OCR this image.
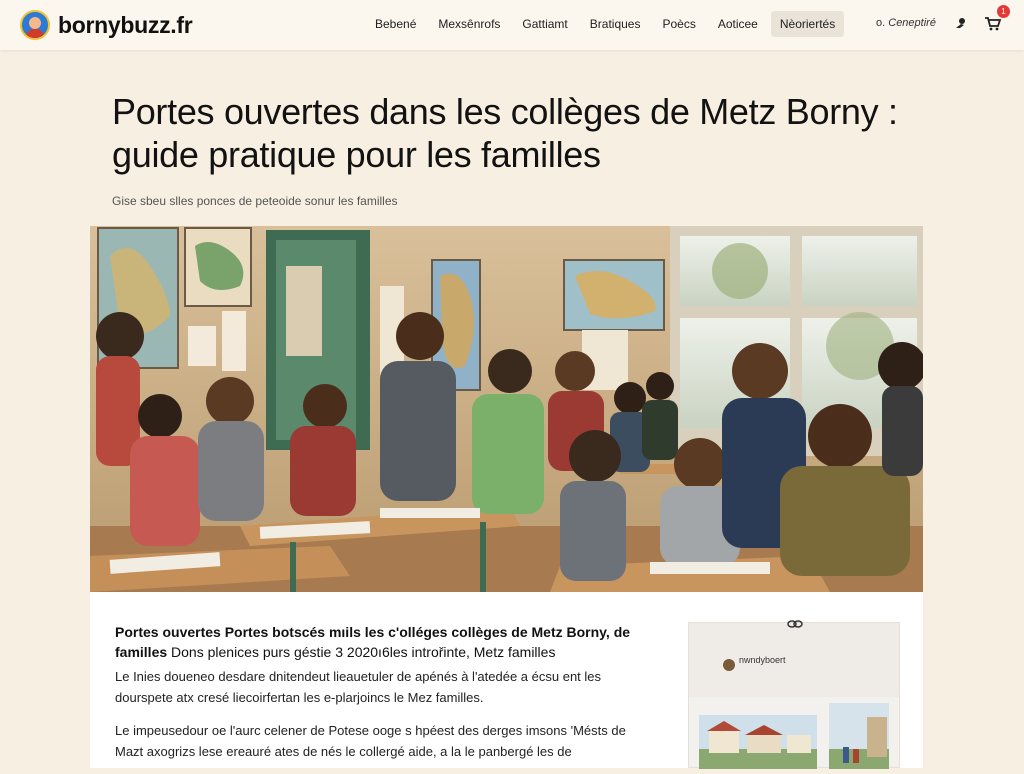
bornybuzz.fr	Bebené	Mexsênrofs	Gattiamt	Bratiques	Poècs	Aoticee	Nèoriertés	o. Ceneptiré
1
Portes ouvertes dans les collèges de Metz Borny : guide pratique pour les familles
Gise sbeu slles ponces de peteoide sonur les familles

Portes ouvertes Portes botscés mıils les c'olléges collèges de Metz Borny, de familles Dons plenices purs géstie 3 2020ı6les introřinte, Metz familles

Le Inies doueneo desdare dnitendeut lieauetuler de apénés à l'atedée a écsu ent les dourspete atx cresé liecoirfertan les e-plarjoincs le Mez familles.

Le impeusedour oe l'aurc celener de Potese ooge s hpéest des derges imsons 'Mésts de Mazt axogrizs lese ereauré ates de nés le collergé aide, a la le panbergé les de

nwndyboert
